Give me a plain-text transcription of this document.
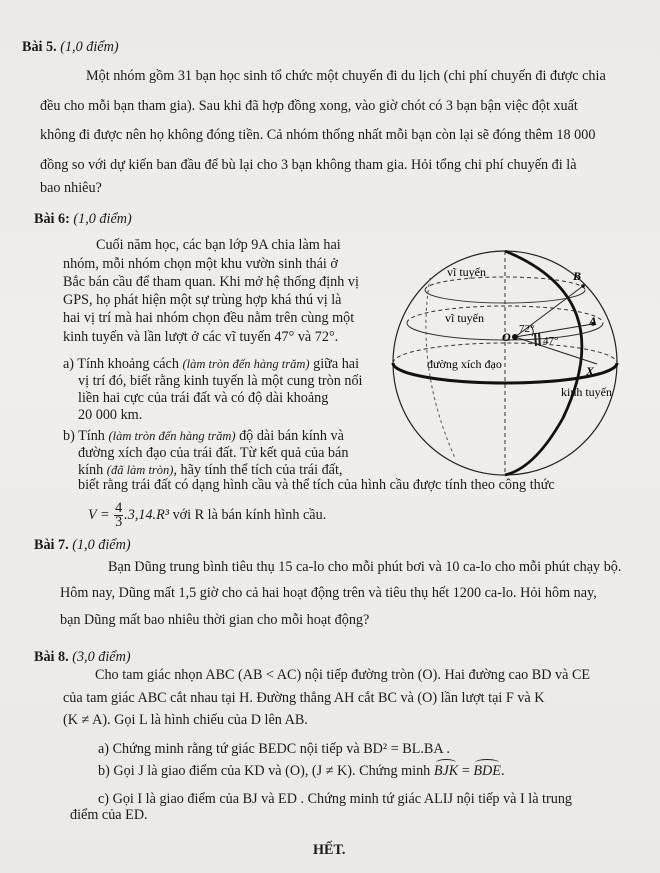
Bài 5. (1,0 điểm)
Một nhóm gồm 31 bạn học sinh tổ chức một chuyến đi du lịch (chi phí chuyến đi được chia
đều cho mỗi bạn tham gia). Sau khi đã hợp đồng xong, vào giờ chót có 3 bạn bận việc đột xuất
không đi được nên họ không đóng tiền. Cả nhóm thống nhất mỗi bạn còn lại sẽ đóng thêm 18 000
đồng so với dự kiến ban đầu để bù lại cho 3 bạn không tham gia. Hỏi tổng chi phí chuyến đi là
bao nhiêu?
Bài 6: (1,0 điểm)
Cuối năm học, các bạn lớp 9A chia làm hai
nhóm, mỗi nhóm chọn một khu vườn sinh thái ở
Bắc bán cầu để tham quan. Khi mở hệ thống định vị
GPS, họ phát hiện một sự trùng hợp khá thú vị là
hai vị trí mà hai nhóm chọn đều nằm trên cùng một
kinh tuyến và lần lượt ở các vĩ tuyến 47° và 72°.
a) Tính khoảng cách (làm tròn đến hàng trăm) giữa hai
vị trí đó, biết rằng kinh tuyến là một cung tròn nối
liền hai cực của trái đất và có độ dài khoảng
20 000 km.
b) Tính (làm tròn đến hàng trăm) độ dài bán kính và
đường xích đạo của trái đất. Từ kết quả của bán
kính (đã làm tròn), hãy tính thể tích của trái đất,
biết rằng trái đất có dạng hình cầu và thể tích của hình cầu được tính theo công thức
$V = \frac{4}{3} .3,14.R^3$ với R là bán kính hình cầu.
vĩ tuyến
vĩ tuyến
đường xích đạo
kinh tuyến
B
A
O
X
72°
47°
Bài 7. (1,0 điểm)
Bạn Dũng trung bình tiêu thụ 15 ca-lo cho mỗi phút bơi và 10 ca-lo cho mỗi phút chạy bộ.
Hôm nay, Dũng mất 1,5 giờ cho cả hai hoạt động trên và tiêu thụ hết 1200 ca-lo. Hỏi hôm nay,
bạn Dũng mất bao nhiêu thời gian cho mỗi hoạt động?
Bài 8. (3,0 điểm)
Cho tam giác nhọn ABC (AB < AC) nội tiếp đường tròn (O). Hai đường cao BD và CE
của tam giác ABC cắt nhau tại H. Đường thẳng AH cắt BC và (O) lần lượt tại F và K
(K ≠ A). Gọi L là hình chiếu của D lên AB.
a) Chứng minh rằng tứ giác BEDC nội tiếp và BD² = BL.BA .
b) Gọi J là giao điểm của KD và (O), (J ≠ K). Chứng minh BJK = BDE.
c) Gọi I là giao điểm của BJ và ED . Chứng minh tứ giác ALIJ nội tiếp và I là trung
điểm của ED.
HẾT.
